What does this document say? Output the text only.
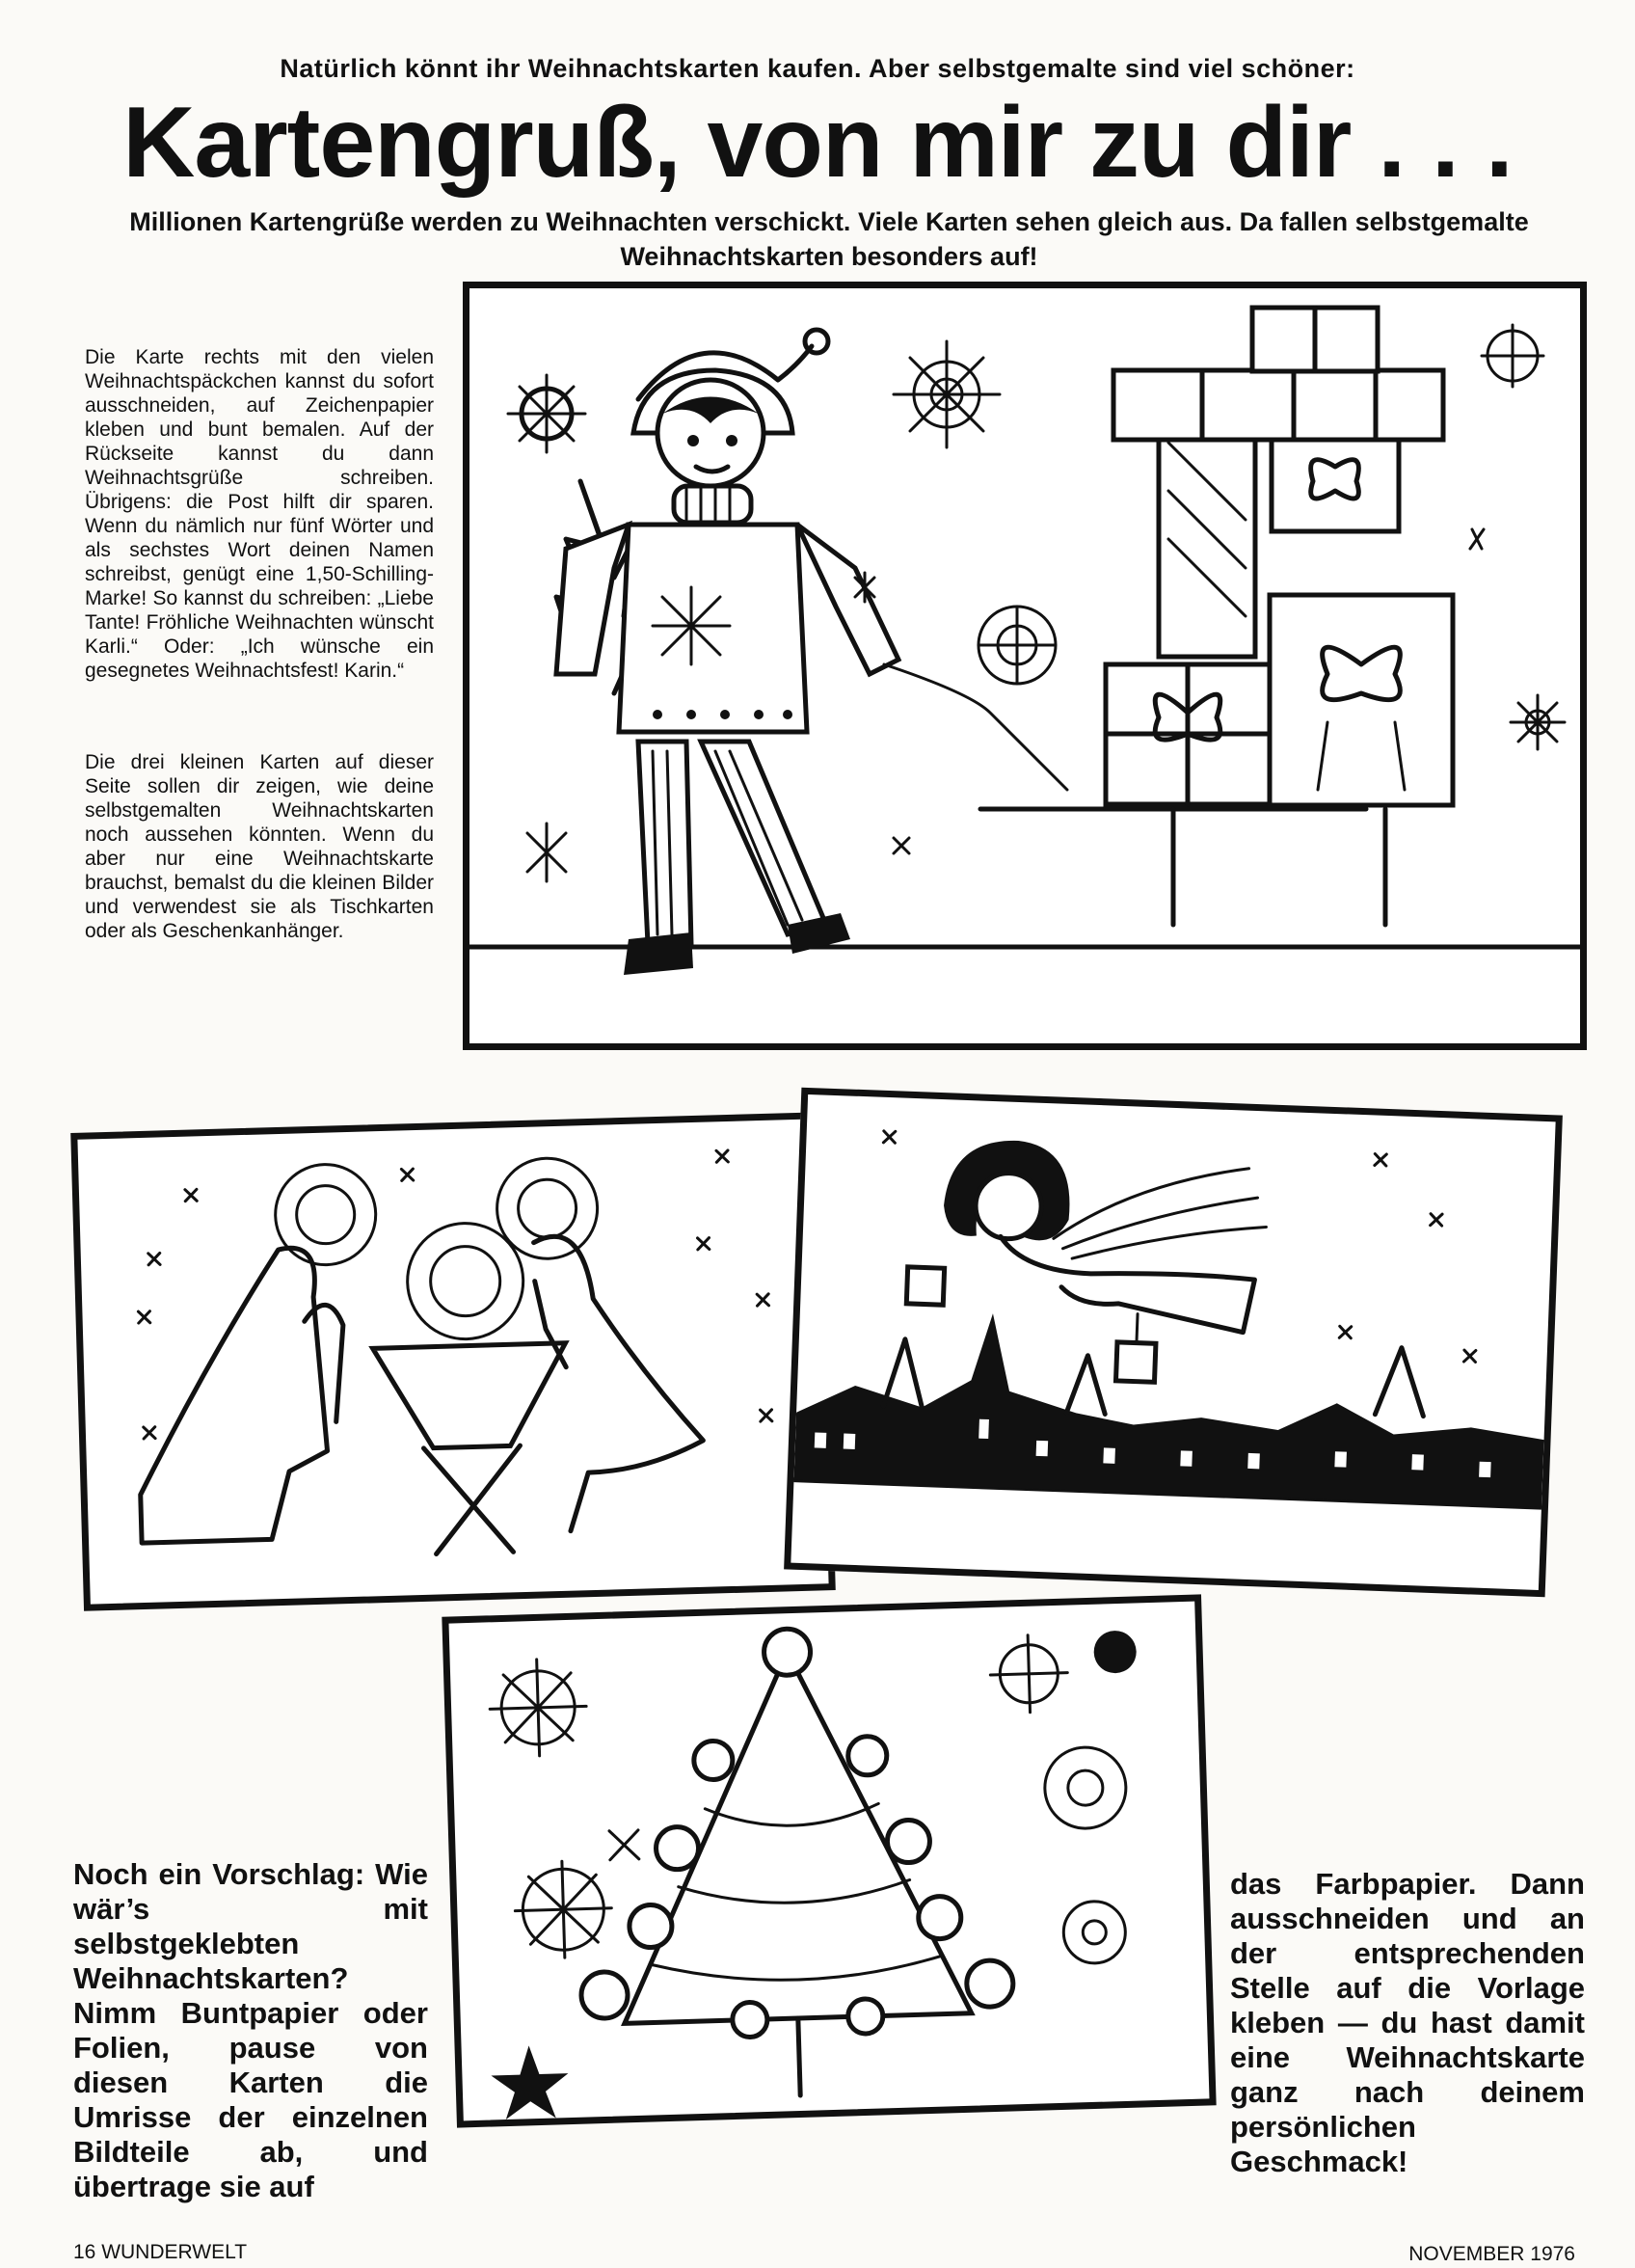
Natürlich könnt ihr Weihnachtskarten kaufen. Aber selbstgemalte sind viel schöner:
Kartengruß, von mir zu dir . . .
Millionen Kartengrüße werden zu Weihnachten verschickt. Viele Karten sehen gleich aus. Da fallen selbstgemalte Weihnachtskarten besonders auf!

Die Karte rechts mit den vielen Weihnachtspäckchen kannst du sofort ausschneiden, auf Zeichenpapier kleben und bunt bemalen. Auf der Rückseite kannst du dann Weihnachtsgrüße schreiben. Übrigens: die Post hilft dir sparen. Wenn du nämlich nur fünf Wörter und als sechstes Wort deinen Namen schreibst, genügt eine 1,50-Schilling-Marke! So kannst du schreiben: „Liebe Tante! Fröhliche Weihnachten wünscht Karli.“ Oder: „Ich wünsche ein gesegnetes Weihnachtsfest! Karin.“

Die drei kleinen Karten auf dieser Seite sollen dir zeigen, wie deine selbstgemalten Weihnachtskarten noch aussehen könnten. Wenn du aber nur eine Weihnachtskarte brauchst, bemalst du die kleinen Bilder und verwendest sie als Tischkarten oder als Geschenkanhänger.

Noch ein Vorschlag: Wie wär’s mit selbstgeklebten Weihnachtskarten? Nimm Buntpapier oder Folien, pause von diesen Karten die Umrisse der einzelnen Bildteile ab, und übertrage sie auf
das Farbpapier. Dann ausschneiden und an der entsprechenden Stelle auf die Vorlage kleben — du hast damit eine Weihnachtskarte ganz nach deinem persönlichen Geschmack!
16 WUNDERWELT	NOVEMBER 1976
